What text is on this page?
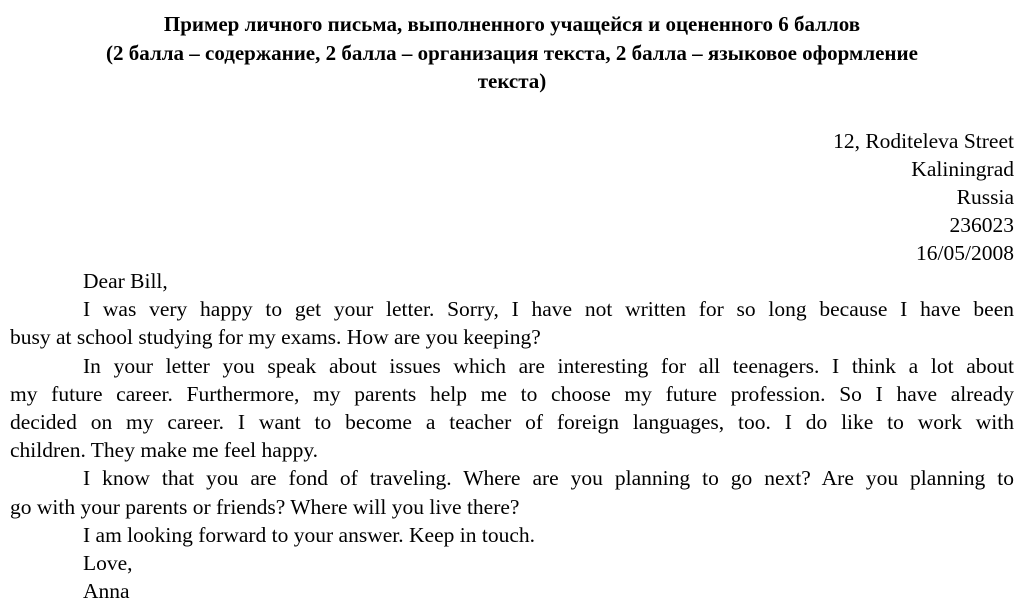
Пример личного письма, выполненного учащейся и оцененного 6 баллов
(2 балла – содержание, 2 балла – организация текста, 2 балла – языковое оформление
текста)
12, Roditeleva Street
Kaliningrad
Russia
236023
16/05/2008
Dear Bill,
I was very happy to get your letter. Sorry, I have not written for so long because I have been
busy at school studying for my exams. How are you keeping?
In your letter you speak about issues which are interesting for all teenagers. I think a lot about
my future career. Furthermore, my parents help me to choose my future profession. So I have already
decided on my career. I want to become a teacher of foreign languages, too. I do like to work with
children. They make me feel happy.
I know that you are fond of traveling. Where are you planning to go next? Are you planning to
go with your parents or friends? Where will you live there?
I am looking forward to your answer. Keep in touch.
Love,
Anna
